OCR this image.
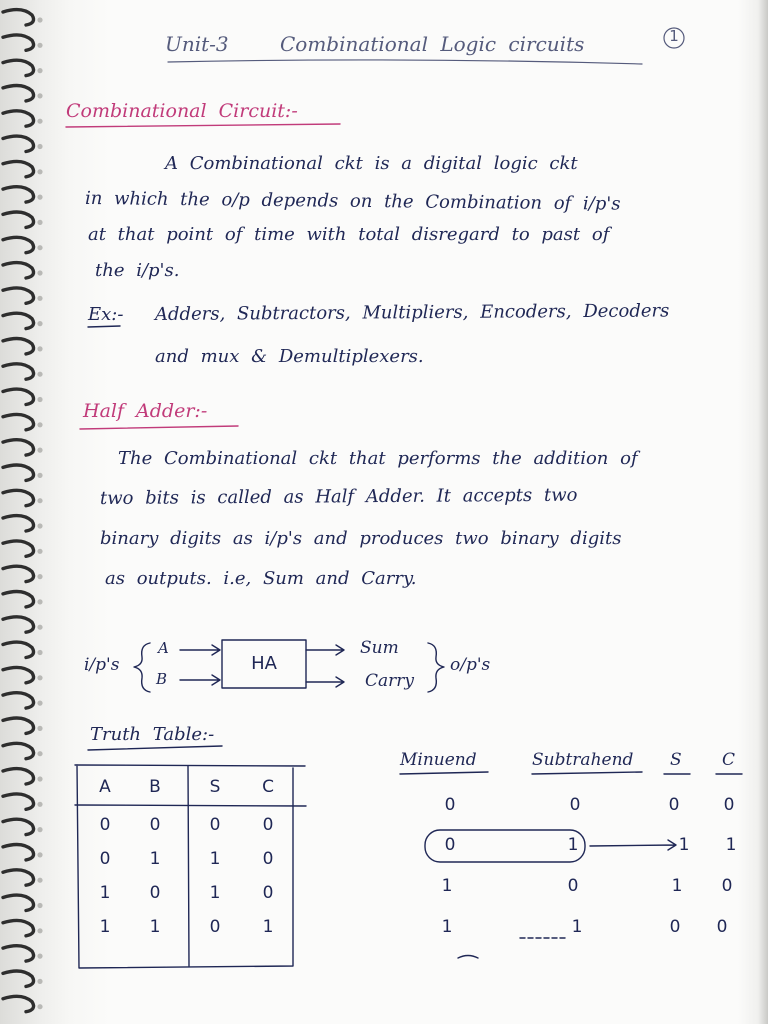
Unit-3	Combinational Logic circuits	1
Combinational Circuit:-
A Combinational ckt is a digital logic ckt
in which the o/p depends on the Combination of i/p's
at that point of time with total disregard to past of
the i/p's.
Ex:- Adders, Subtractors, Multipliers, Encoders, Decoders
and mux & Demultiplexers.
Half Adder:-
The Combinational ckt that performs the addition of
two bits is called as Half Adder. It accepts two
binary digits as i/p's and produces two binary digits
as outputs. i.e, Sum and Carry.
i/p's
A
B
HA
Sum
Carry
o/p's
Truth Table:-
A B	S C
0 0	0 0
0 1	1 0
1 0	1 0
1 1	0 1
Minuend	Subtrahend S C
0	0	0	0
0	1	1 1
1	0	1 0
1	1	0 0
